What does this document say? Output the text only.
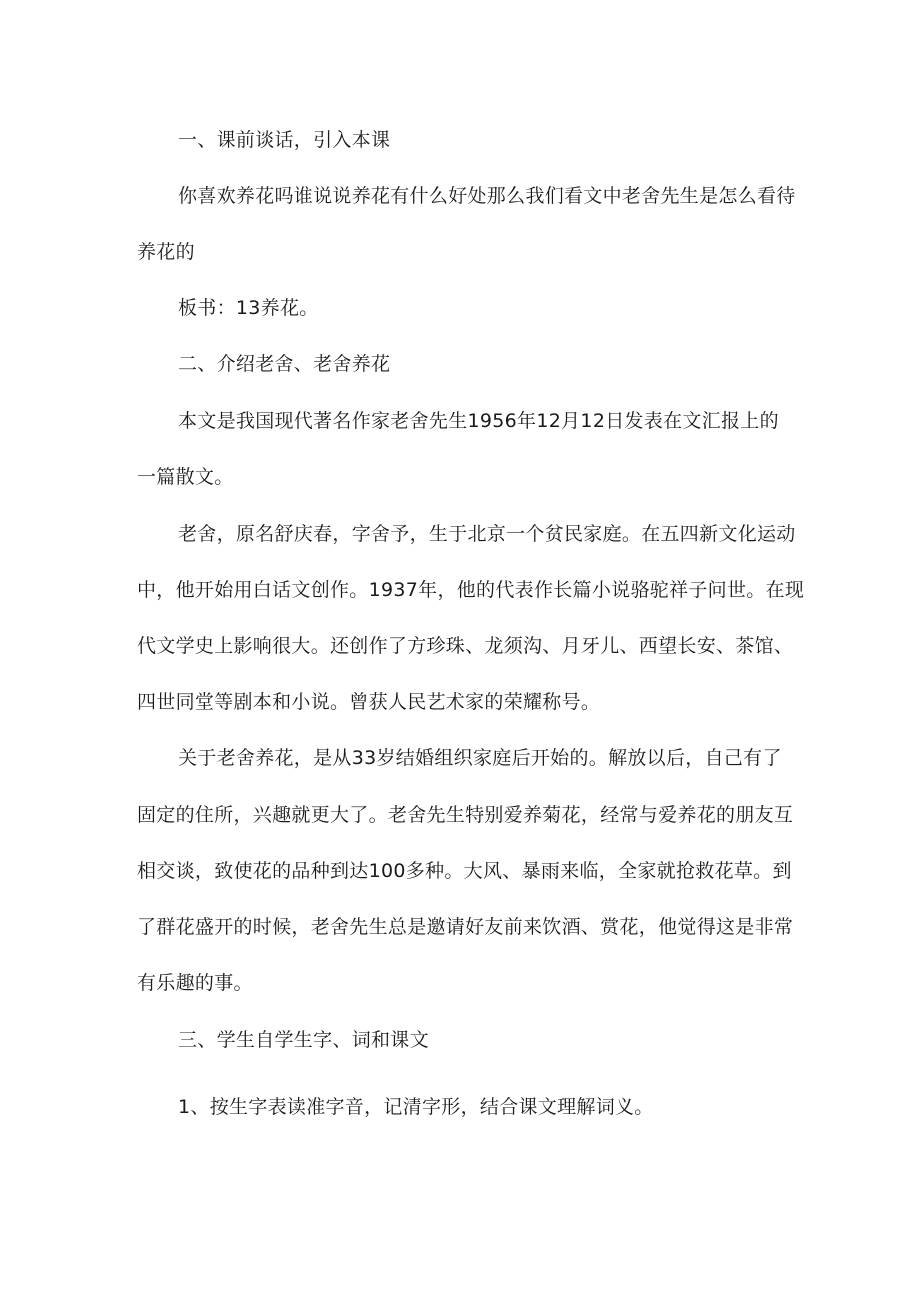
一、课前谈话，引入本课
你喜欢养花吗谁说说养花有什么好处那么我们看文中老舍先生是怎么看待
养花的
板书：13养花。
二、介绍老舍、老舍养花
本文是我国现代著名作家老舍先生1956年12月12日发表在文汇报上的
一篇散文。
老舍，原名舒庆春，字舍予，生于北京一个贫民家庭。在五四新文化运动
中，他开始用白话文创作。1937年，他的代表作长篇小说骆驼祥子问世。在现
代文学史上影响很大。还创作了方珍珠、龙须沟、月牙儿、西望长安、茶馆、
四世同堂等剧本和小说。曾获人民艺术家的荣耀称号。
关于老舍养花，是从33岁结婚组织家庭后开始的。解放以后，自己有了
固定的住所，兴趣就更大了。老舍先生特别爱养菊花，经常与爱养花的朋友互
相交谈，致使花的品种到达100多种。大风、暴雨来临，全家就抢救花草。到
了群花盛开的时候，老舍先生总是邀请好友前来饮酒、赏花，他觉得这是非常
有乐趣的事。
三、学生自学生字、词和课文
1、按生字表读准字音，记清字形，结合课文理解词义。
